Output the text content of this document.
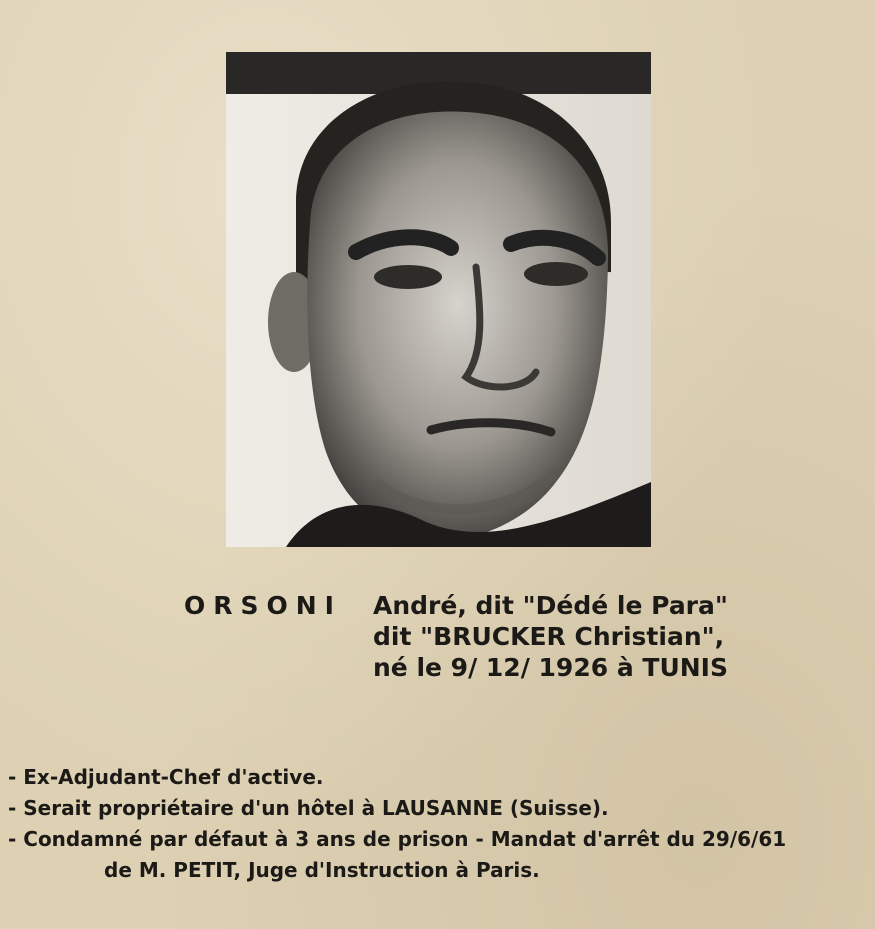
ORSONI André, dit "Dédé le Para"
dit "BRUCKER Christian",
né le 9/ 12/ 1926 à TUNIS
- Ex-Adjudant-Chef d'active.
- Serait propriétaire d'un hôtel à LAUSANNE (Suisse).
- Condamné par défaut à 3 ans de prison - Mandat d'arrêt du 29/6/61
de M. PETIT, Juge d'Instruction à Paris.
